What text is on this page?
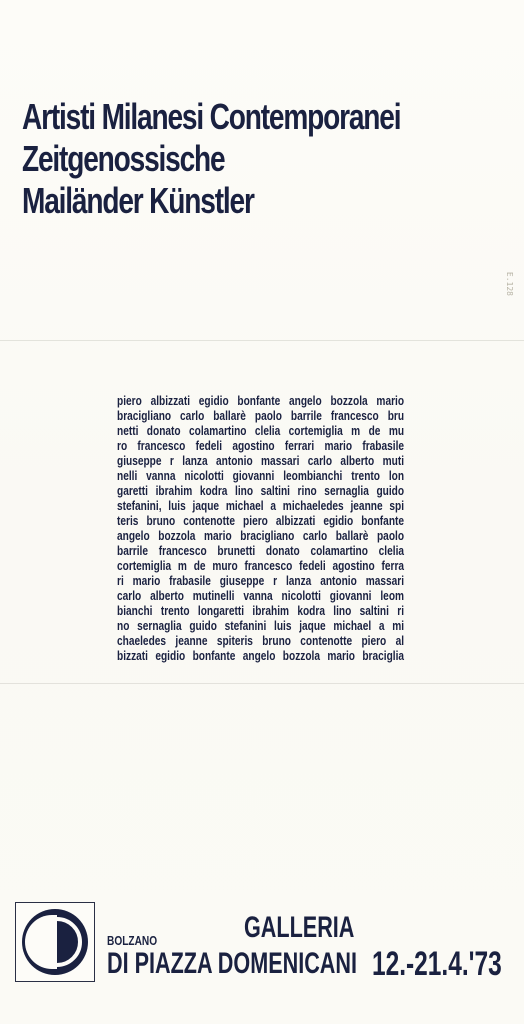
Artisti Milanesi Contemporanei
Zeitgenossische
Mailänder Künstler
E.128

piero albizzati egidio bonfante angelo bozzola mario
bracigliano carlo ballarè paolo barrile francesco bru
netti donato colamartino clelia cortemiglia m de mu
ro francesco fedeli agostino ferrari mario frabasile
giuseppe r lanza antonio massari carlo alberto muti
nelli vanna nicolotti giovanni leombianchi trento lon
garetti ibrahim kodra lino saltini rino sernaglia guido
stefanini, luis jaque michael a michaeledes jeanne spi
teris bruno contenotte piero albizzati egidio bonfante
angelo bozzola mario bracigliano carlo ballarè paolo
barrile francesco brunetti donato colamartino clelia
cortemiglia m de muro francesco fedeli agostino ferra
ri mario frabasile giuseppe r lanza antonio massari
carlo alberto mutinelli vanna nicolotti giovanni leom
bianchi trento longaretti ibrahim kodra lino saltini ri
no sernaglia guido stefanini luis jaque michael a mi
chaeledes jeanne spiteris bruno contenotte piero al
bizzati egidio bonfante angelo bozzola mario braciglia

BOLZANO	GALLERIA
DI PIAZZA DOMENICANI 12.-21.4.'73
